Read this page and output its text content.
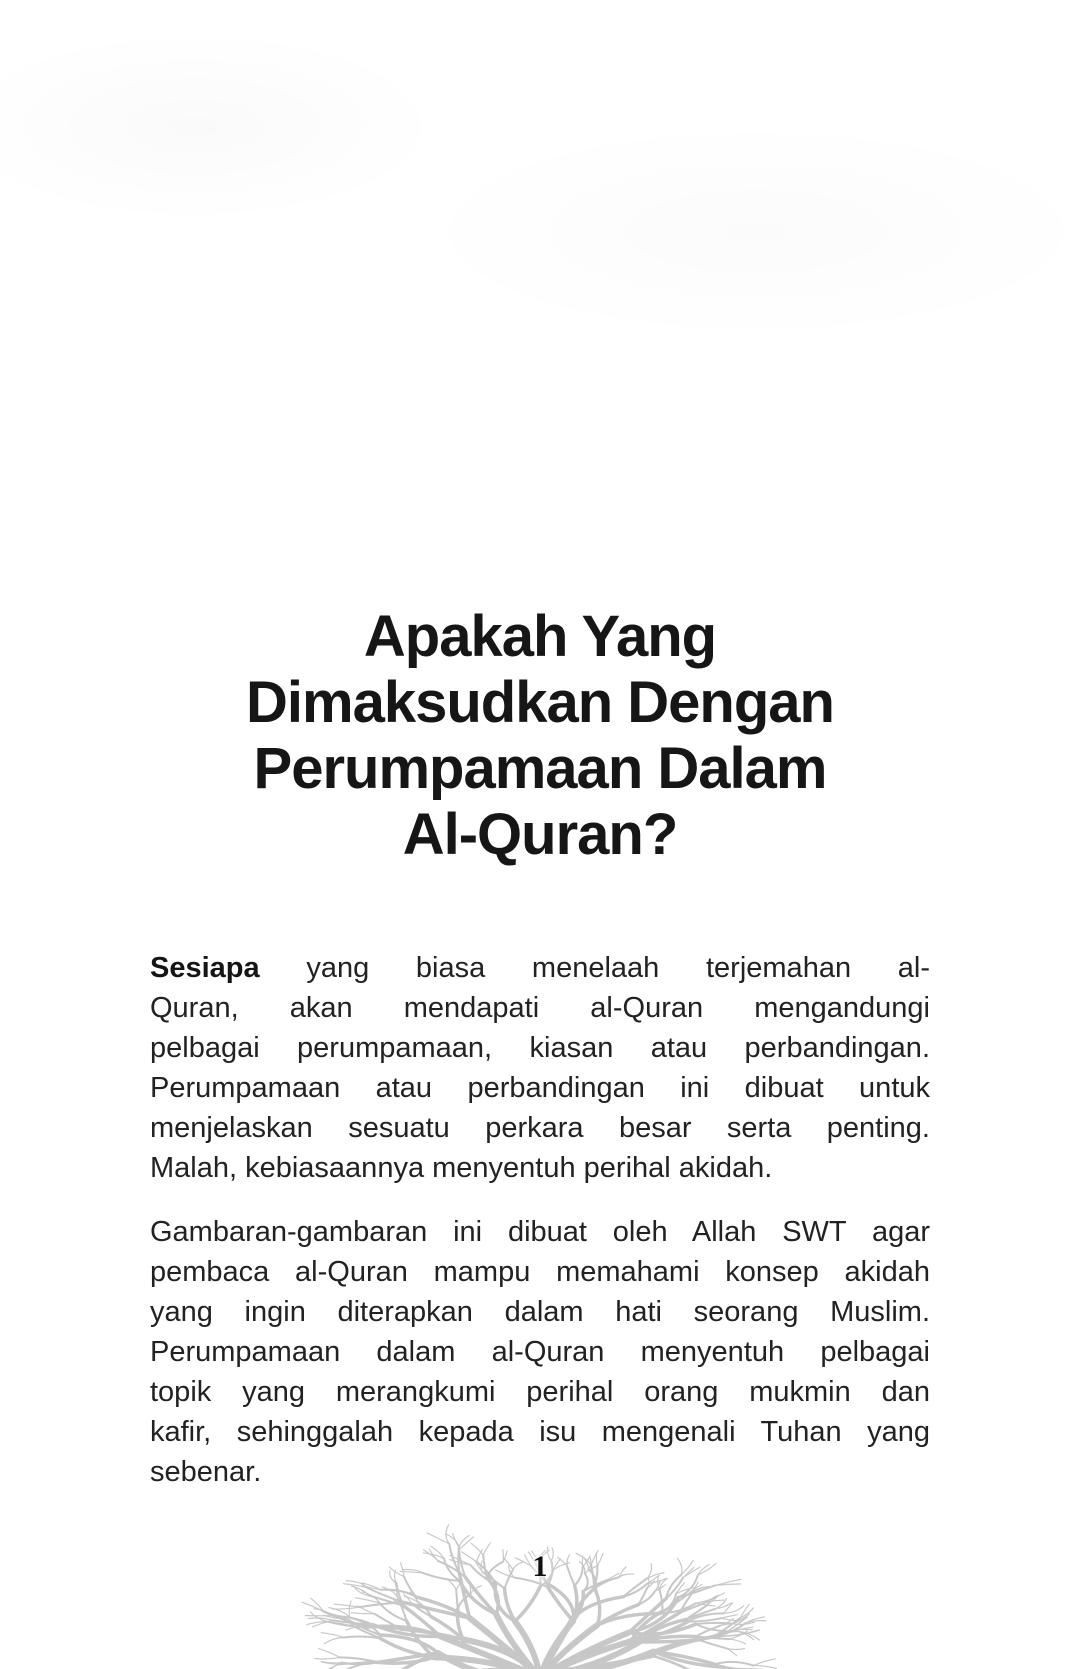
Apakah Yang
Dimaksudkan Dengan
Perumpamaan Dalam
Al-Quran?

Sesiapa yang biasa menelaah terjemahan al-
Quran, akan mendapati al-Quran mengandungi
pelbagai perumpamaan, kiasan atau perbandingan.
Perumpamaan atau perbandingan ini dibuat untuk
menjelaskan sesuatu perkara besar serta penting.
Malah, kebiasaannya menyentuh perihal akidah.

Gambaran-gambaran ini dibuat oleh Allah SWT agar
pembaca al-Quran mampu memahami konsep akidah
yang ingin diterapkan dalam hati seorang Muslim.
Perumpamaan dalam al-Quran menyentuh pelbagai
topik yang merangkumi perihal orang mukmin dan
kafir, sehinggalah kepada isu mengenali Tuhan yang
sebenar.

1
